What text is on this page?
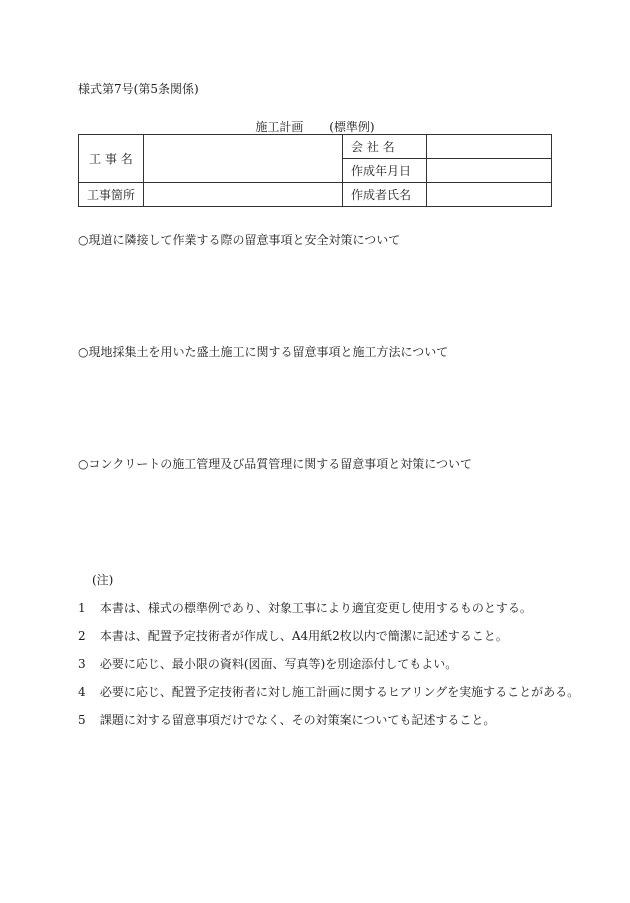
様式第7号(第5条関係)
施工計画 (標準例)
工 事 名		会 社 名	
		作成年月日	
工事箇所		作成者氏名	
○現道に隣接して作業する際の留意事項と安全対策について
○現地採集土を用いた盛土施工に関する留意事項と施工方法について
○コンクリートの施工管理及び品質管理に関する留意事項と対策について
(注)
1 本書は、様式の標準例であり、対象工事により適宜変更し使用するものとする。
2 本書は、配置予定技術者が作成し、A4用紙2枚以内で簡潔に記述すること。
3 必要に応じ、最小限の資料(図面、写真等)を別途添付してもよい。
4 必要に応じ、配置予定技術者に対し施工計画に関するヒアリングを実施することがある。
5 課題に対する留意事項だけでなく、その対策案についても記述すること。
